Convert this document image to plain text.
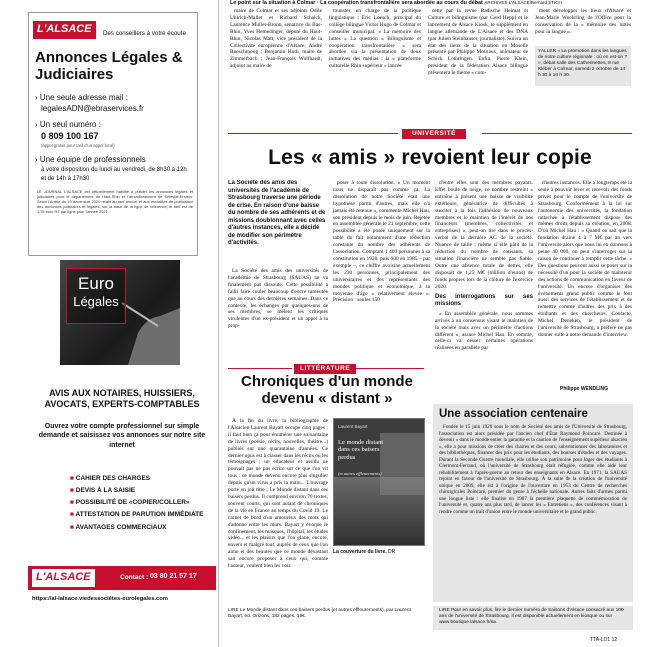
L'ALSACE	Des conseillers à votre écoute
Annonces Légales & Judiciaires
› Une seule adresse mail :
legalesADN@ebraservices.fr
› Un seul numéro :
0 809 100 167
(appel gratuit pour tarif d'un appel local)
› Une équipe de professionnels
à votre disposition du lundi au vendredi, de 8h30 à 12h et de 14h à 17h30
LE JOURNAL L'ALSACE est officiellement habilité à publier les annonces légales et judiciaires pour le département du Haut-Rhin et l'arrondissement de Sélestat-Erstein. Selon l'Arrêté du 19 décembre 2020 relatif au tarif annuel et aux modalités de publication des annonces judiciaires et légales, sur la base de la ligne de référence, le tarif est de 1,78 euro HT par ligne pour l'année 2021.
Euro
Légales
AVIS AUX NOTAIRES, HUISSIERS, AVOCATS, EXPERTS-COMPTABLES
Ouvrez votre compte professionnel sur simple demande et saisissez vos annonces sur notre site internet
■ CAHIER DES CHARGES
■ DEVIS À LA SAISIE
■ POSSIBILITÉ DE «COPIER/COLLER»
■ ATTESTATION DE PARUTION IMMÉDIATE
■ AVANTAGES COMMERCIAUX
L'ALSACE	Contact : 03 80 21 57 17
https://al-lalsace.viedessociétes-eurolegales.com
Le point sur la situation à Colmar · La coopération transfrontalière sera abordée au cours du débat ARCHIVES L'ALSACE/Bernard STICH

maire de Colmar et ses adjoints Odile Uhlrich-Mallet et Richard Schalck, Laurence Muller-Bronn, sénatrice du Bas-Rhin, Yves Hemedinger, député du Haut-Rhin, Nicolas Matt, vice président de la Collectivité européenne d'Alsace, André Roeschmoog ; Benjamin Huth, maire de Zimmerbach ; Jean-François Wolfhardt, adjoint au maire de

munster, en charge de la politique linguistique ; Eric Loesch, principal du collège bilingue Victor Hugo de Colmar et conseiller municipal. « La mémoire des luttes » La question « Bilinguisme et coopération transfrontalière » sera abordée via la présentation de deux initiatives des médias : la « plateforme culturelle Rhin supérieur » lancée

cette par la revue Badische Heimat et Culture et bilinguisme (par Gerd Hepp) et le lancement de Alsace Kiosk, le supplément en langue allemande de L'Alsace et des DNA (par Julien Steinhauser, journaliste). Suivra un état des lieux de la situation en Moselle présenté par Philippe Mouraux, animateur de Schick Lothringen. Enfin, Pierre Klein, président de la fédération Alsace bilingue présentera le thème « com-

ment développer les lieux d'Alsace et Jean-Marie Woehrling de l'Office pour la conservation de la « mémoire des luttes pour la langue ».

YALLER « La promotion dans les langues de notre culture régionale : où en est-on ? », débat salle des Catherinettes, 8 rue Kléber à Colmar, samedi 2 octobre de 14 h 30 à 16 h 30.
UNIVERSITÉ
Les « amis » revoient leur copie
La Société des amis des universités de l'académie de Strasbourg traverse une période de crise. En raison d'une baisse du nombre de ses adhérents et de missions doublonnant avec celles d'autres instances, elle a décidé de modifier son périmètre d'activités.

La Société des amis des universités de l'académie de Strasbourg (SAUAS) ne va finalement pas dissoute. Cette possibilité a failli faire couler beaucoup d'encre rameutée que au cours des dernières semaines. Dans ce contexte, les échanges par quelques-uns de ses membres, se mêlent les critiques virulentes d'un ex-président et un appel à la prop-

poser à toute dissolution. « Un moment nous ne disparaît pas comme ça. La dissolution de notre Société était une hypothèse parmi d'autres, mais elle n'a jamais été retenue », commente Michel Hau, son président depuis le mois de juin. Rejetée en assemblée générale le 21 septembre, cette possibilité a été posée uniquement sur la table du fait notamment d'une réduction constante du nombre des adhérents de l'association. Comptant 1 400 personnes à sa constitution en 1920, puis 600 en 1985 – par exemple –, ce chiffre avoisine actuellement les 230 personnes, principalement des universitaires et des représentants des mondes politique et économique, à la moyenne d'âge « relativement élevée ». Précision : seules 150

d'entre elles sont des membres payants. Effet boule de neige, ce nombre restreint « entraîne à présent une baisse de visibilité extérieure, génératrice de difficultés à susciter à la fois l'adhésion de nouveaux membres et le maintien de l'intérêt de nos financeurs (membres, collectivités et entreprises) », peut-on lire dans le procès-verbal de la dernière AG de la société. Nuance de taille : même si elle pâtit de la réduction du nombre de cotisants, sa situation financière ne semble pas fiable. Outre une absence totale de dettes, elle disposait de 1,25 M€ (million d'euros) de fonds propres lors de la clôture de l'exercice 2020.

Des interrogations sur ses missions

« En assemblée générale, nous sommes arrivés à un consensus visant le maintien de la société mais avec un périmètre d'actions différent », assure Michel Hau. En somme, celle-ci va cesser certaines opérations réalisées en parallèle par

d'autres instances. Elle a longtemps été la seule à pouvoir lever et recevoir des fonds privés pour le compte de l'université de Strasbourg. Conformément à la loi sur l'autonomie des universités, la fondation rattachée à l'établissement dispose des mêmes droits depuis sa création, en 2008. D'où Michel Hau : « Quand on sait que la fondation draine 4 à 7 M€ par an vers l'université alors que nous lui en donnons à peine 40 000, on peut s'interroger sur la raison de continuer à remplir cette tâche. » Des questions peuvent aussi se poser sur la nécessité d'un pour la société de maintenir des actions de communication en faveur de l'université. Un encore d'organiser des événements grand public comme le font aussi des services de l'établissement et de remettre comme d'autres des prix à des étudiants et des chercheurs. Contacté, Michel Deneken, le président de l'université de Strasbourg, a préféré ne pas donner suite à notre demande d'interview.

Philippe WENDLING
LITTÉRATURE
Chroniques d'un monde
devenu « distant »

À la fin du livre, la bibliographie de l'Alsacien Laurent Bayart occupe cinq pages : il faut bien ça pour énumérer une soixantaine de livres (poésie, récits, nouvelles, théâtre...) publiés sur une quarantaine d'années. Ce dernier opus est à classer dans les récits ou les témoignages ; un éducateur et assidu ne pouvait pas ne pas écrire sur ce que l'on vit tous : ce monde devenu encore plus singulier depuis qu'un virus a pris la main... L'ouvrage porte en joli titre : Le Monde distant dans ces baisers perdus. Il comprend environ 70 textes, souvent courts, qui sont autant de chroniques de la vie en France au temps du Covid 19. Le carnet de bord d'un amoureux des mots qui s'adonne entre les murs. Bayart y évoque le confinement, les masques, l'hôpital, les études vidéo... et les plaisirs que l'on glane, encore, envers et malgré tout, auprès de ceux que l'on aime et des beautés que ce monde dévastant sait encore proposer à ceux qui, comme l'auteur, veulent bien les voir.

Laurent Bayart
Le monde distant dans ces baisers perdus
(et autres effleurements)
La couverture du livre. DR
LIRE Le Monde distant dans ces baisers perdus (et autres effleurements), par Laurent Bayart, éd. Orizons, 182 pages, 19€.
Une association centenaire

Fondée le 15 juin 1920 sous le nom de Société des amis de l'Université de Strasbourg, l'association est alors présidée par l'ancien chef d'État Raymond Poincaré. Destinée à devenir « dans le monde entier la garantie et la caution de l'enseignement supérieur alsacien », elle a pour missions de créer des chaires et des cours, subventionner des laboratoires et des bibliothèques, financer des prix pour les étudiants, des bourses d'études et des voyages. Durant la Seconde Guerre mondiale, elle utilise son patrimoine pour loger des étudiants à Clermont-Ferrand, où l'université de Strasbourg était réfugiée, comme elle aide leur réhabilitement à l'après-guerre au retour des enseignants en Alsace. En 1971, la SAUAS rejoint en faveur de l'université de Strasbourg. À la suite de la création de l'université unique en 2009, elle est à l'origine de l'ouverture en 1953 du Centre de recherches chirurgicales Poincaré, premier du genre à l'échelle nationale. Autres faits d'armes parmi une longue liste : elle finalise en 1987 la première plaquette de commémoration de l'université et, quatre ans plus tard, de lancer les « Entretiens », des conférences visant à rendre comme un trait d'union entre le monde universitaire et le grand public.

LIRE Pour en savoir plus, lire le dernier numéro de Saisons d'Alsace consacré aux 100 ans de l'université de Strasbourg. Il est disponible actuellement en kiosque ou sur www.boutique.lalsace.fr/sa.
TTA-LO1 12
